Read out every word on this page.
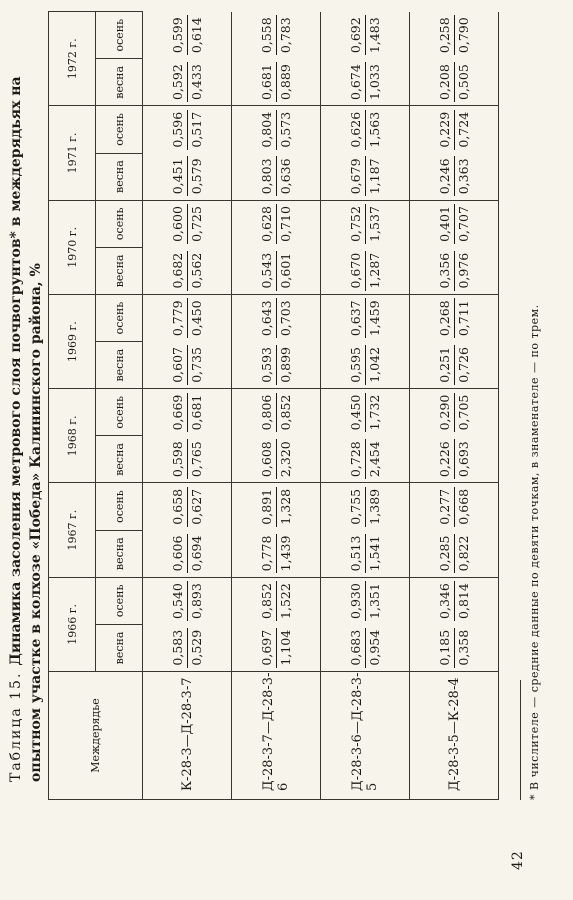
42
Таблица 15.Динамика засоления метрового слоя почвогрунтов* в междерядьях на опытном участке в колхозе «Победа» Калининского района, %	Междерядье	1966 г.		1967 г.		1968 г.		1969 г.		1970 г.		1971 г.		1972 г.	
	весна	осень	весна	осень	весна	осень	весна	осень	весна	осень	весна	осень	весна	осень
К-28-3—Д-28-3-7	0,583 0,529	0,540 0,893	0,606 0,694	0,658 0,627	0,598 0,765	0,669 0,681	0,607 0,735	0,779 0,450	0,682 0,562	0,600 0,725	0,451 0,579	0,596 0,517	0,592 0,433	0,599 0,614

Д-28-3-7—Д-28-3-6	0,697 1,104	0,852 1,522	0,778 1,439	0,891 1,328	0,608 2,320	0,806 0,852	0,593 0,899	0,643 0,703	0,543 0,601	0,628 0,710	0,803 0,636	0,804 0,573	0,681 0,889	0,558 0,783

Д-28-3-6—Д-28-3-5	0,683 0,954	0,930 1,351	0,513 1,541	0,755 1,389	0,728 2,454	0,450 1,732	0,595 1,042	0,637 1,459	0,670 1,287	0,752 1,537	0,679 1,187	0,626 1,563	0,674 1,033	0,692 1,483

Д-28-3-5—К-28-4	0,185 0,358	0,346 0,814	0,285 0,822	0,277 0,668	0,226 0,693	0,290 0,705	0,251 0,726	0,268 0,711	0,356 0,976	0,401 0,707	0,246 0,363	0,229 0,724	0,208 0,505	0,258 0,790
* В числителе — средние данные по девяти точкам, в знаменателе — по трем.
